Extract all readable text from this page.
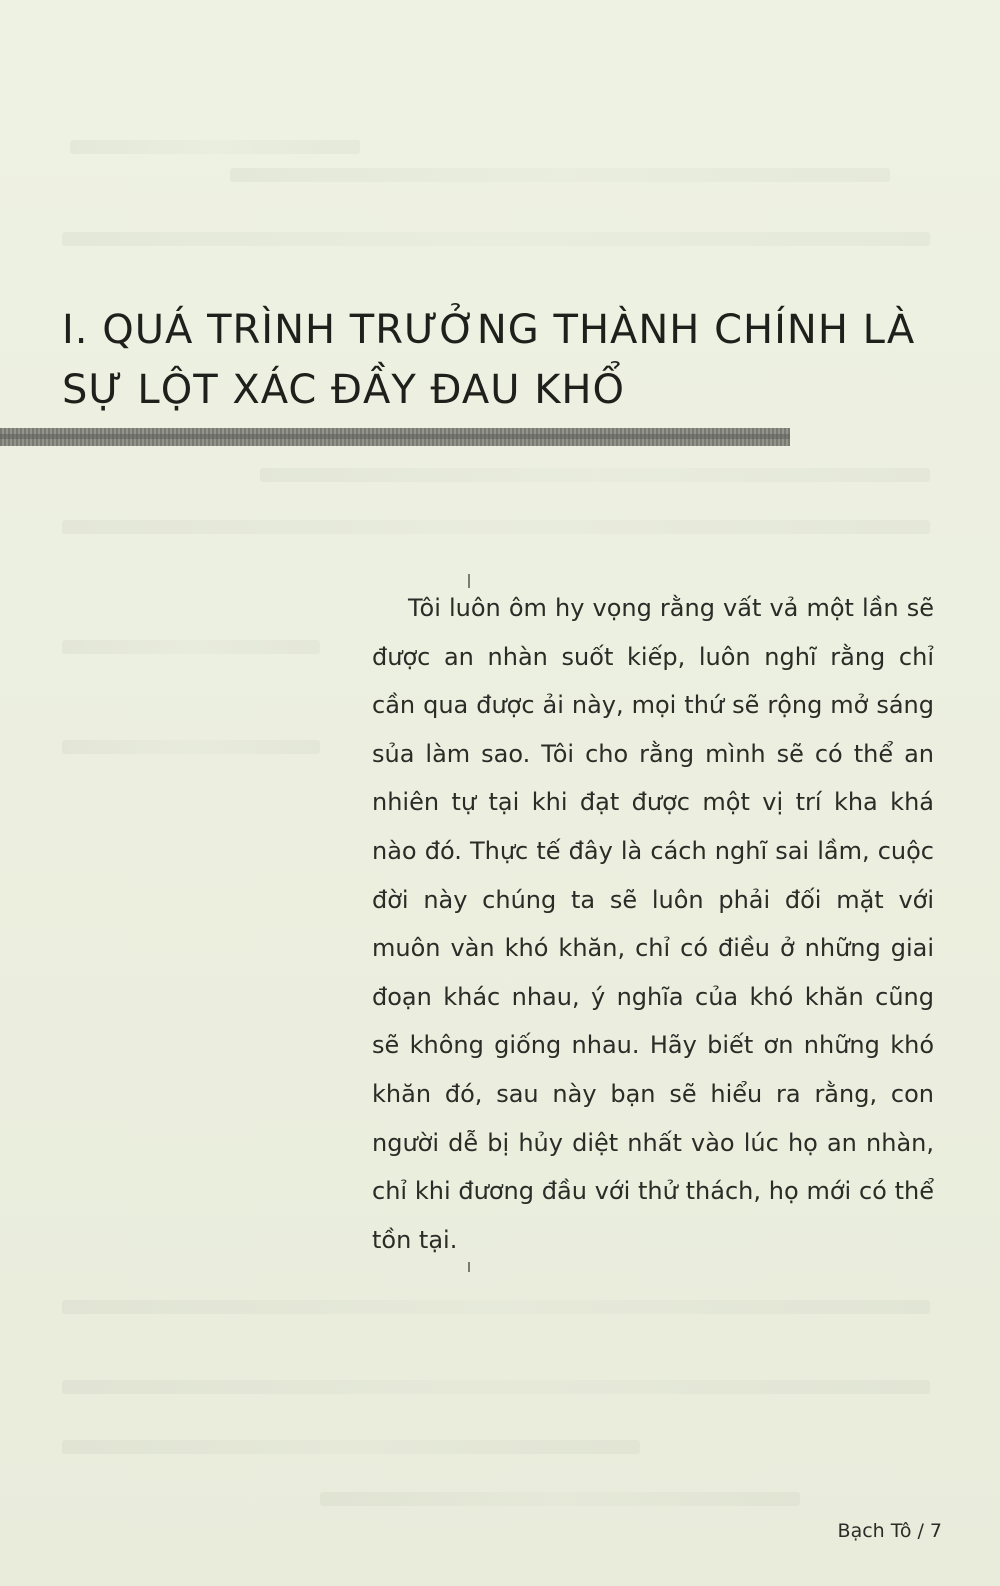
I. QUÁ TRÌNH TRƯỞNG THÀNH CHÍNH LÀ
SỰ LỘT XÁC ĐẦY ĐAU KHỔ

Tôi luôn ôm hy vọng rằng vất vả một lần sẽ được an nhàn suốt kiếp, luôn nghĩ rằng chỉ cần qua được ải này, mọi thứ sẽ rộng mở sáng sủa làm sao. Tôi cho rằng mình sẽ có thể an nhiên tự tại khi đạt được một vị trí kha khá nào đó. Thực tế đây là cách nghĩ sai lầm, cuộc đời này chúng ta sẽ luôn phải đối mặt với muôn vàn khó khăn, chỉ có điều ở những giai đoạn khác nhau, ý nghĩa của khó khăn cũng sẽ không giống nhau. Hãy biết ơn những khó khăn đó, sau này bạn sẽ hiểu ra rằng, con người dễ bị hủy diệt nhất vào lúc họ an nhàn, chỉ khi đương đầu với thử thách, họ mới có thể tồn tại.

Bạch Tô / 7
